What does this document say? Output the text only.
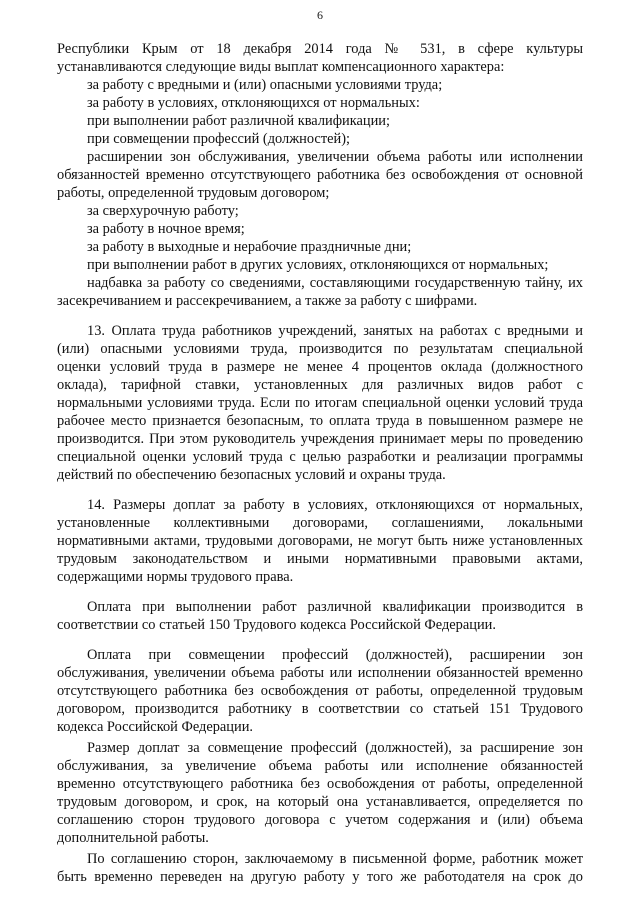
6
Республики Крым от 18 декабря 2014 года № 531, в сфере культуры
устанавливаются следующие виды выплат компенсационного характера:
за работу с вредными и (или) опасными условиями труда;
за работу в условиях, отклоняющихся от нормальных:
при выполнении работ различной квалификации;
при совмещении профессий (должностей);
расширении зон обслуживания, увеличении объема работы или исполнении
обязанностей временно отсутствующего работника без освобождения от основной
работы, определенной трудовым договором;
за сверхурочную работу;
за работу в ночное время;
за работу в выходные и нерабочие праздничные дни;
при выполнении работ в других условиях, отклоняющихся от нормальных;
надбавка за работу со сведениями, составляющими государственную тайну, их
засекречиванием и рассекречиванием, а также за работу с шифрами.
13. Оплата труда работников учреждений, занятых на работах с вредными и
(или) опасными условиями труда, производится по результатам специальной
оценки условий труда в размере не менее 4 процентов оклада (должностного
оклада), тарифной ставки, установленных для различных видов работ с
нормальными условиями труда. Если по итогам специальной оценки условий труда
рабочее место признается безопасным, то оплата труда в повышенном размере не
производится. При этом руководитель учреждения принимает меры по проведению
специальной оценки условий труда с целью разработки и реализации программы
действий по обеспечению безопасных условий и охраны труда.
14. Размеры доплат за работу в условиях, отклоняющихся от нормальных,
установленные коллективными договорами, соглашениями, локальными
нормативными актами, трудовыми договорами, не могут быть ниже установленных
трудовым законодательством и иными нормативными правовыми актами,
содержащими нормы трудового права.
Оплата при выполнении работ различной квалификации производится в
соответствии со статьей 150 Трудового кодекса Российской Федерации.
Оплата при совмещении профессий (должностей), расширении зон
обслуживания, увеличении объема работы или исполнении обязанностей временно
отсутствующего работника без освобождения от работы, определенной трудовым
договором, производится работнику в соответствии со статьей 151 Трудового
кодекса Российской Федерации.
Размер доплат за совмещение профессий (должностей), за расширение зон
обслуживания, за увеличение объема работы или исполнение обязанностей
временно отсутствующего работника без освобождения от работы, определенной
трудовым договором, и срок, на который она устанавливается, определяется по
соглашению сторон трудового договора с учетом содержания и (или) объема
дополнительной работы.
По соглашению сторон, заключаемому в письменной форме, работник может
быть временно переведен на другую работу у того же работодателя на срок до
